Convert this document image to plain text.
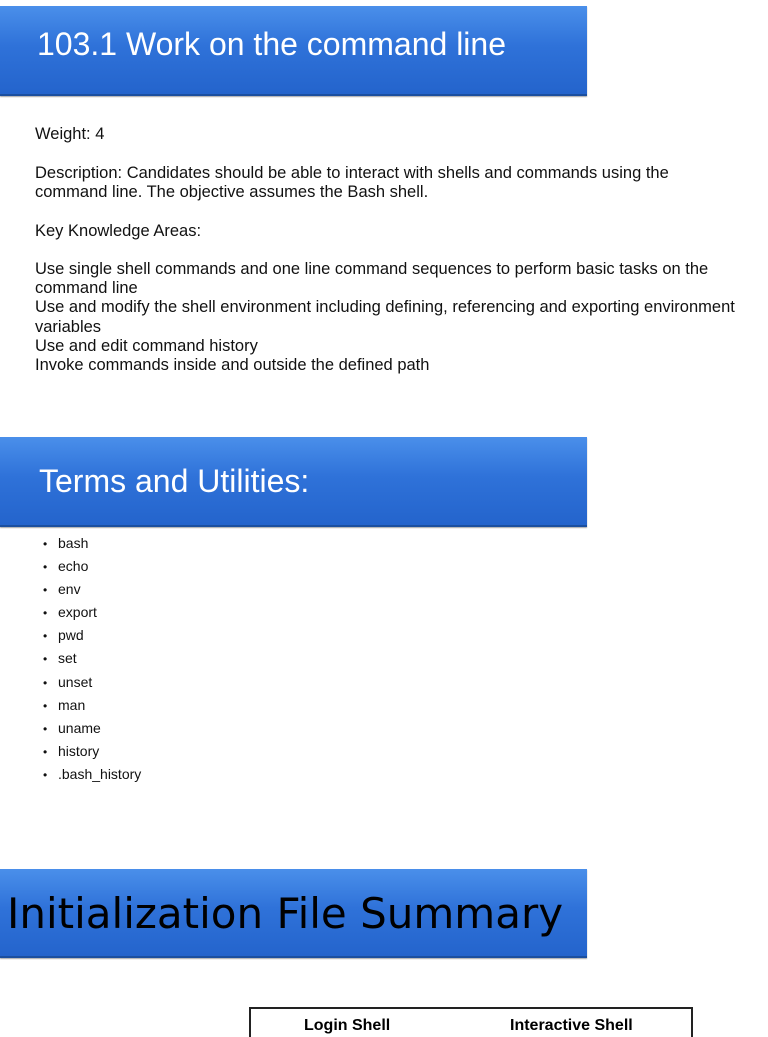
103.1 Work on the command line
Weight: 4
Description: Candidates should be able to interact with shells and commands using the command line. The objective assumes the Bash shell.
Key Knowledge Areas:
Use single shell commands and one line command sequences to perform basic tasks on the command line
Use and modify the shell environment including defining, referencing and exporting environment variables
Use and edit command history
Invoke commands inside and outside the defined path
Terms and Utilities:
• bash
• echo
• env
• export
• pwd
• set
• unset
• man
• uname
• history
• .bash_history
Initialization File Summary
Login Shell	Interactive Shell
